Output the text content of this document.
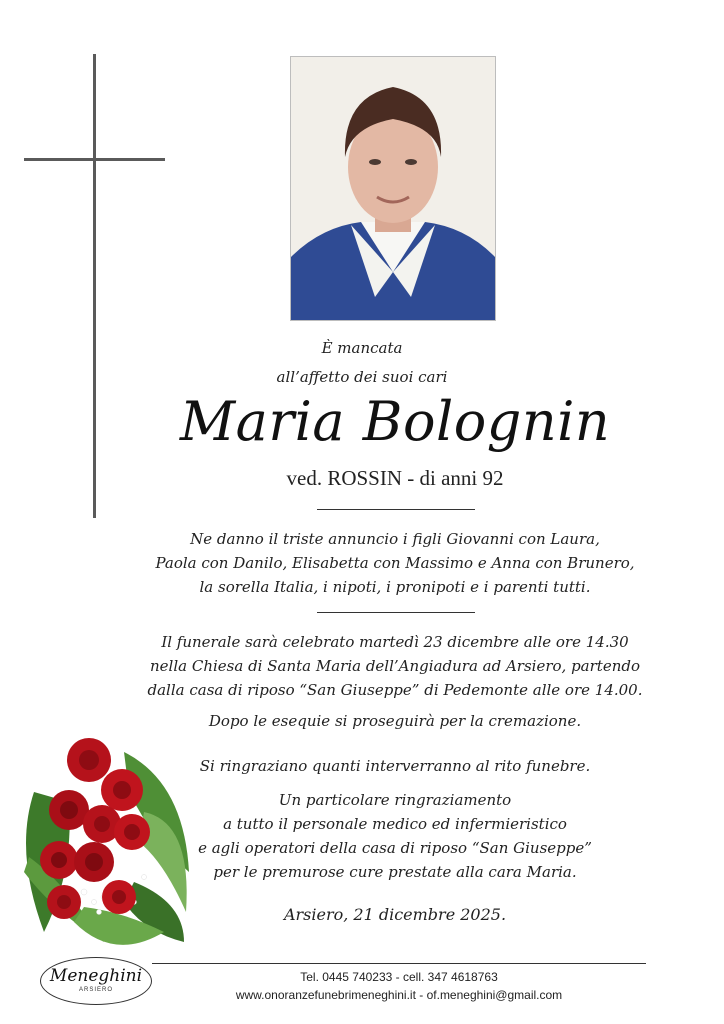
È mancata
all’affetto dei suoi cari
Maria Bolognin
ved. ROSSIN - di anni 92
Ne danno il triste annuncio i figli Giovanni con Laura,
Paola con Danilo, Elisabetta con Massimo e Anna con Brunero,
la sorella Italia, i nipoti, i pronipoti e i parenti tutti.
Il funerale sarà celebrato martedì 23 dicembre alle ore 14.30
nella Chiesa di Santa Maria dell’Angiadura ad Arsiero, partendo
dalla casa di riposo “San Giuseppe” di Pedemonte alle ore 14.00.
Dopo le esequie si proseguirà per la cremazione.
Si ringraziano quanti interverranno al rito funebre.
Un particolare ringraziamento
a tutto il personale medico ed infermieristico
e agli operatori della casa di riposo “San Giuseppe”
per le premurose cure prestate alla cara Maria.
Arsiero, 21 dicembre 2025.
Meneghini
ARSIERO
Tel. 0445 740233 - cell. 347 4618763
www.onoranzefunebrimeneghini.it - of.meneghini@gmail.com
